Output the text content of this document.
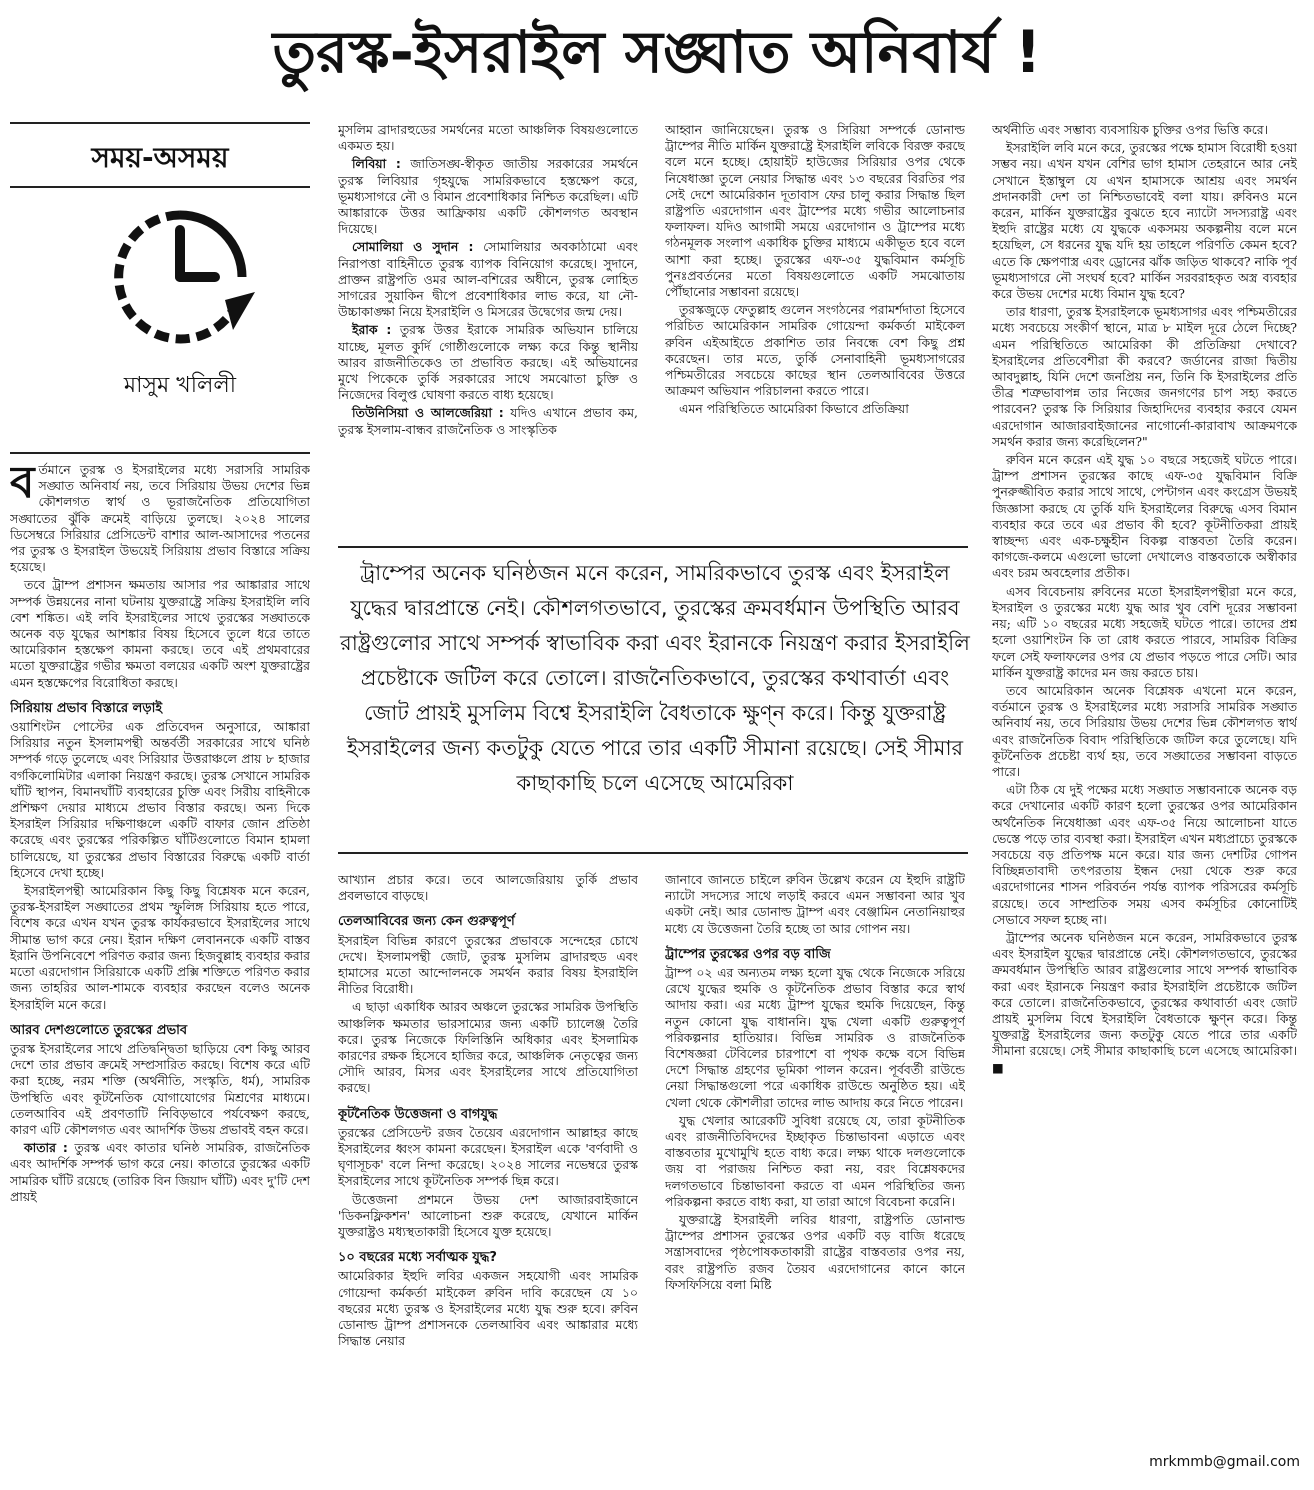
তুরস্ক-ইসরাইল সঙ্ঘাত অনিবার্য !
সময়-অসময়
মাসুম খলিলী

বর্তমানে তুরস্ক ও ইসরাইলের মধ্যে সরাসরি সামরিক সঙ্ঘাত অনিবার্য নয়, তবে সিরিয়ায় উভয় দেশের ভিন্ন কৌশলগত স্বার্থ ও ভূরাজনৈতিক প্রতিযোগিতা সঙ্ঘাতের ঝুঁকি ক্রমেই বাড়িয়ে তুলছে। ২০২৪ সালের ডিসেম্বরে সিরিয়ার প্রেসিডেন্ট বাশার আল-আসাদের পতনের পর তুরস্ক ও ইসরাইল উভয়েই সিরিয়ায় প্রভাব বিস্তারে সক্রিয় হয়েছে।

তবে ট্রাম্প প্রশাসন ক্ষমতায় আসার পর আঙ্কারার সাথে সম্পর্ক উন্নয়নের নানা ঘটনায় যুক্তরাষ্ট্রে সক্রিয় ইসরাইলি লবি বেশ শঙ্কিত। এই লবি ইসরাইলের সাথে তুরস্কের সঙ্ঘাতকে অনেক বড় যুদ্ধের আশঙ্কার বিষয় হিসেবে তুলে ধরে তাতে আমেরিকান হস্তক্ষেপ কামনা করছে। তবে এই প্রথমবারের মতো যুক্তরাষ্ট্রের গভীর ক্ষমতা বলয়ের একটি অংশ যুক্তরাষ্ট্রের এমন হস্তক্ষেপের বিরোধিতা করছে।

সিরিয়ায় প্রভাব বিস্তারে লড়াই

ওয়াশিংটন পোস্টের এক প্রতিবেদন অনুসারে, আঙ্কারা সিরিয়ার নতুন ইসলামপন্থী অন্তর্বর্তী সরকারের সাথে ঘনিষ্ঠ সম্পর্ক গড়ে তুলেছে এবং সিরিয়ার উত্তরাঞ্চলে প্রায় ৮ হাজার বর্গকিলোমিটার এলাকা নিয়ন্ত্রণ করছে। তুরস্ক সেখানে সামরিক ঘাঁটি স্থাপন, বিমানঘাঁটি ব্যবহারের চুক্তি এবং সিরীয় বাহিনীকে প্রশিক্ষণ দেয়ার মাধ্যমে প্রভাব বিস্তার করছে। অন্য দিকে ইসরাইল সিরিয়ার দক্ষিণাঞ্চলে একটি বাফার জোন প্রতিষ্ঠা করেছে এবং তুরস্কের পরিকল্পিত ঘাঁটিগুলোতে বিমান হামলা চালিয়েছে, যা তুরস্কের প্রভাব বিস্তারের বিরুদ্ধে একটি বার্তা হিসেবে দেখা হচ্ছে।

ইসরাইলপন্থী আমেরিকান কিছু কিছু বিশ্লেষক মনে করেন, তুরস্ক-ইসরাইল সঙ্ঘাতের প্রথম স্ফুলিঙ্গ সিরিয়ায় হতে পারে, বিশেষ করে এখন যখন তুরস্ক কার্যকরভাবে ইসরাইলের সাথে সীমান্ত ভাগ করে নেয়। ইরান দক্ষিণ লেবাননকে একটি বাস্তব ইরানি উপনিবেশে পরিণত করার জন্য হিজবুল্লাহ ব্যবহার করার মতো এরদোগান সিরিয়াকে একটি প্রক্সি শক্তিতে পরিণত করার জন্য তাহরির আল-শামকে ব্যবহার করছেন বলেও অনেক ইসরাইলি মনে করে।

আরব দেশগুলোতে তুরস্কের প্রভাব

তুরস্ক ইসরাইলের সাথে প্রতিদ্বন্দ্বিতা ছাড়িয়ে বেশ কিছু আরব দেশে তার প্রভাব ক্রমেই সম্প্রসারিত করছে। বিশেষ করে এটি করা হচ্ছে, নরম শক্তি (অর্থনীতি, সংস্কৃতি, ধর্ম), সামরিক উপস্থিতি এবং কূটনৈতিক যোগাযোগের মিশ্রণের মাধ্যমে। তেলআবিব এই প্রবণতাটি নিবিড়ভাবে পর্যবেক্ষণ করছে, কারণ এটি কৌশলগত এবং আদর্শিক উভয় প্রভাবই বহন করে।

কাতার : তুরস্ক এবং কাতার ঘনিষ্ঠ সামরিক, রাজনৈতিক এবং আদর্শিক সম্পর্ক ভাগ করে নেয়। কাতারে তুরস্কের একটি সামরিক ঘাঁটি রয়েছে (তারিক বিন জিয়াদ ঘাঁটি) এবং দু'টি দেশ প্রায়ই

মুসলিম ব্রাদারহুডের সমর্থনের মতো আঞ্চলিক বিষয়গুলোতে একমত হয়।

লিবিয়া : জাতিসঙ্ঘ-স্বীকৃত জাতীয় সরকারের সমর্থনে তুরস্ক লিবিয়ার গৃহযুদ্ধে সামরিকভাবে হস্তক্ষেপ করে, ভূমধ্যসাগরে নৌ ও বিমান প্রবেশাধিকার নিশ্চিত করেছিল। এটি আঙ্কারাকে উত্তর আফ্রিকায় একটি কৌশলগত অবস্থান দিয়েছে।

সোমালিয়া ও সুদান : সোমালিয়ার অবকাঠামো এবং নিরাপত্তা বাহিনীতে তুরস্ক ব্যাপক বিনিয়োগ করেছে। সুদানে, প্রাক্তন রাষ্ট্রপতি ওমর আল-বশিরের অধীনে, তুরস্ক লোহিত সাগরের সুয়াকিন দ্বীপে প্রবেশাধিকার লাভ করে, যা নৌ-উচ্চাকাঙ্ক্ষা নিয়ে ইসরাইলি ও মিসরের উদ্বেগের জন্ম দেয়।

ইরাক : তুরস্ক উত্তর ইরাকে সামরিক অভিযান চালিয়ে যাচ্ছে, মূলত কুর্দি গোষ্ঠীগুলোকে লক্ষ্য করে কিন্তু স্থানীয় আরব রাজনীতিকেও তা প্রভাবিত করছে। এই অভিযানের মুখে পিকেকে তুর্কি সরকারের সাথে সমঝোতা চুক্তি ও নিজেদের বিলুপ্ত ঘোষণা করতে বাধ্য হয়েছে।

তিউনিসিয়া ও আলজেরিয়া : যদিও এখানে প্রভাব কম, তুরস্ক ইসলাম-বান্ধব রাজনৈতিক ও সাংস্কৃতিক

আহ্বান জানিয়েছেন। তুরস্ক ও সিরিয়া সম্পর্কে ডোনাল্ড ট্রাম্পের নীতি মার্কিন যুক্তরাষ্ট্রে ইসরাইলি লবিকে বিরক্ত করছে বলে মনে হচ্ছে। হোয়াইট হাউজের সিরিয়ার ওপর থেকে নিষেধাজ্ঞা তুলে নেয়ার সিদ্ধান্ত এবং ১৩ বছরের বিরতির পর সেই দেশে আমেরিকান দূতাবাস ফের চালু করার সিদ্ধান্ত ছিল রাষ্ট্রপতি এরদোগান এবং ট্রাম্পের মধ্যে গভীর আলোচনার ফলাফল। যদিও আগামী সময়ে এরদোগান ও ট্রাম্পের মধ্যে গঠনমূলক সংলাপ একাধিক চুক্তির মাধ্যমে একীভূত হবে বলে আশা করা হচ্ছে। তুরস্কের এফ-৩৫ যুদ্ধবিমান কর্মসূচি পুনঃপ্রবর্তনের মতো বিষয়গুলোতে একটি সমঝোতায় পৌঁছানোর সম্ভাবনা রয়েছে।

তুরস্কজুড়ে ফেতুল্লাহ গুলেন সংগঠনের পরামর্শদাতা হিসেবে পরিচিত আমেরিকান সামরিক গোয়েন্দা কর্মকর্তা মাইকেল রুবিন এইআইতে প্রকাশিত তার নিবন্ধে বেশ কিছু প্রশ্ন করেছেন। তার মতে, তুর্কি সেনাবাহিনী ভূমধ্যসাগরের পশ্চিমতীরের সবচেয়ে কাছের স্থান তেলআবিবের উত্তরে আক্রমণ অভিযান পরিচালনা করতে পারে।

এমন পরিস্থিতিতে আমেরিকা কিভাবে প্রতিক্রিয়া

ট্রাম্পের অনেক ঘনিষ্ঠজন মনে করেন, সামরিকভাবে তুরস্ক এবং ইসরাইল যুদ্ধের দ্বারপ্রান্তে নেই। কৌশলগতভাবে, তুরস্কের ক্রমবর্ধমান উপস্থিতি আরব রাষ্ট্রগুলোর সাথে সম্পর্ক স্বাভাবিক করা এবং ইরানকে নিয়ন্ত্রণ করার ইসরাইলি প্রচেষ্টাকে জটিল করে তোলে। রাজনৈতিকভাবে, তুরস্কের কথাবার্তা এবং জোট প্রায়ই মুসলিম বিশ্বে ইসরাইলি বৈধতাকে ক্ষুণ্ন করে। কিন্তু যুক্তরাষ্ট্র ইসরাইলের জন্য কতটুকু যেতে পারে তার একটি সীমানা রয়েছে। সেই সীমার কাছাকাছি চলে এসেছে আমেরিকা

আখ্যান প্রচার করে। তবে আলজেরিয়ায় তুর্কি প্রভাব প্রবলভাবে বাড়ছে।

তেলআবিবের জন্য কেন গুরুত্বপূর্ণ

ইসরাইল বিভিন্ন কারণে তুরস্কের প্রভাবকে সন্দেহের চোখে দেখে। ইসলামপন্থী জোট, তুরস্ক মুসলিম ব্রাদারহুড এবং হামাসের মতো আন্দোলনকে সমর্থন করার বিষয় ইসরাইলি নীতির বিরোধী।

এ ছাড়া একাধিক আরব অঞ্চলে তুরস্কের সামরিক উপস্থিতি আঞ্চলিক ক্ষমতার ভারসাম্যের জন্য একটি চ্যালেঞ্জ তৈরি করে। তুরস্ক নিজেকে ফিলিস্তিনি অধিকার এবং ইসলামিক কারণের রক্ষক হিসেবে হাজির করে, আঞ্চলিক নেতৃত্বের জন্য সৌদি আরব, মিসর এবং ইসরাইলের সাথে প্রতিযোগিতা করছে।

কূটনৈতিক উত্তেজনা ও বাগযুদ্ধ

তুরস্কের প্রেসিডেন্ট রজব তৈয়েব এরদোগান আল্লাহর কাছে ইসরাইলের ধ্বংস কামনা করেছেন। ইসরাইল একে 'বর্ণবাদী ও ঘৃণাসূচক' বলে নিন্দা করেছে। ২০২৪ সালের নভেম্বরে তুরস্ক ইসরাইলের সাথে কূটনৈতিক সম্পর্ক ছিন্ন করে।

উত্তেজনা প্রশমনে উভয় দেশ আজারবাইজানে 'ডিকনফ্লিকশন' আলোচনা শুরু করেছে, যেখানে মার্কিন যুক্তরাষ্ট্রও মধ্যস্থতাকারী হিসেবে যুক্ত হয়েছে।

১০ বছরের মধ্যে সর্বাত্মক যুদ্ধ?

আমেরিকার ইহুদি লবির একজন সহযোগী এবং সামরিক গোয়েন্দা কর্মকর্তা মাইকেল রুবিন দাবি করেছেন যে ১০ বছরের মধ্যে তুরস্ক ও ইসরাইলের মধ্যে যুদ্ধ শুরু হবে। রুবিন ডোনাল্ড ট্রাম্প প্রশাসনকে তেলআবিব এবং আঙ্কারার মধ্যে সিদ্ধান্ত নেয়ার

জানাবে জানতে চাইলে রুবিন উল্লেখ করেন যে ইহুদি রাষ্ট্রটি ন্যাটো সদস্যের সাথে লড়াই করবে এমন সম্ভাবনা আর খুব একটা নেই। আর ডোনাল্ড ট্রাম্প এবং বেঞ্জামিন নেতানিয়াহুর মধ্যে যে উত্তেজনা তৈরি হচ্ছে তা আর গোপন নয়।

ট্রাম্পের তুরস্কের ওপর বড় বাজি

ট্রাম্প ০২ এর অন্যতম লক্ষ্য হলো যুদ্ধ থেকে নিজেকে সরিয়ে রেখে যুদ্ধের হুমকি ও কূটনৈতিক প্রভাব বিস্তার করে স্বার্থ আদায় করা। এর মধ্যে ট্রাম্প যুদ্ধের হুমকি দিয়েছেন, কিন্তু নতুন কোনো যুদ্ধ বাধাননি। যুদ্ধ খেলা একটি গুরুত্বপূর্ণ পরিকল্পনার হাতিয়ার। বিভিন্ন সামরিক ও রাজনৈতিক বিশেষজ্ঞরা টেবিলের চারপাশে বা পৃথক কক্ষে বসে বিভিন্ন দেশে সিদ্ধান্ত গ্রহণের ভূমিকা পালন করেন। পূর্ববর্তী রাউন্ডে নেয়া সিদ্ধান্তগুলো পরে একাধিক রাউন্ডে অনুষ্ঠিত হয়। এই খেলা থেকে কৌশলীরা তাদের লাভ আদায় করে নিতে পারেন।

যুদ্ধ খেলার আরেকটি সুবিধা রয়েছে যে, তারা কূটনীতিক এবং রাজনীতিবিদদের ইচ্ছাকৃত চিন্তাভাবনা এড়াতে এবং বাস্তবতার মুখোমুখি হতে বাধ্য করে। লক্ষ্য থাকে দলগুলোকে জয় বা পরাজয় নিশ্চিত করা নয়, বরং বিশ্লেষকদের দলগতভাবে চিন্তাভাবনা করতে বা এমন পরিস্থিতির জন্য পরিকল্পনা করতে বাধ্য করা, যা তারা আগে বিবেচনা করেনি।

যুক্তরাষ্ট্রে ইসরাইলী লবির ধারণা, রাষ্ট্রপতি ডোনাল্ড ট্রাম্পের প্রশাসন তুরস্কের ওপর একটি বড় বাজি ধরেছে সন্ত্রাসবাদের পৃষ্ঠপোষকতাকারী রাষ্ট্রের বাস্তবতার ওপর নয়, বরং রাষ্ট্রপতি রজব তৈয়ব এরদোগানের কানে কানে ফিসফিসিয়ে বলা মিষ্টি

অর্থনীতি এবং সম্ভাব্য ব্যবসায়িক চুক্তির ওপর ভিত্তি করে।

ইসরাইলি লবি মনে করে, তুরস্কের পক্ষে হামাস বিরোধী হওয়া সম্ভব নয়। এখন যখন বেশির ভাগ হামাস তেহরানে আর নেই সেখানে ইস্তাম্বুল যে এখন হামাসকে আশ্রয় এবং সমর্থন প্রদানকারী দেশ তা নিশ্চিতভাবেই বলা যায়। রুবিনও মনে করেন, মার্কিন যুক্তরাষ্ট্রের বুঝতে হবে ন্যাটো সদস্যরাষ্ট্র এবং ইহুদি রাষ্ট্রের মধ্যে যে যুদ্ধকে একসময় অকল্পনীয় বলে মনে হয়েছিল, সে ধরনের যুদ্ধ যদি হয় তাহলে পরিণতি কেমন হবে? এতে কি ক্ষেপণাস্ত্র এবং ড্রোনের ঝাঁক জড়িত থাকবে? নাকি পূর্ব ভূমধ্যসাগরে নৌ সংঘর্ষ হবে? মার্কিন সরবরাহকৃত অস্ত্র ব্যবহার করে উভয় দেশের মধ্যে বিমান যুদ্ধ হবে?

তার ধারণা, তুরস্ক ইসরাইলকে ভূমধ্যসাগর এবং পশ্চিমতীরের মধ্যে সবচেয়ে সংকীর্ণ স্থানে, মাত্র ৮ মাইল দূরে ঠেলে দিচ্ছে? এমন পরিস্থিতিতে আমেরিকা কী প্রতিক্রিয়া দেখাবে? ইসরাইলের প্রতিবেশীরা কী করবে? জর্ডানের রাজা দ্বিতীয় আবদুল্লাহ, যিনি দেশে জনপ্রিয় নন, তিনি কি ইসরাইলের প্রতি তীব্র শত্রুভাবাপন্ন তার নিজের জনগণের চাপ সহ্য করতে পারবেন? তুরস্ক কি সিরিয়ার জিহাদিদের ব্যবহার করবে যেমন এরদোগান আজারবাইজানের নাগোর্নো-কারাবাখ আক্রমণকে সমর্থন করার জন্য করেছিলেন?"

রুবিন মনে করেন এই যুদ্ধ ১০ বছরে সহজেই ঘটতে পারে। ট্রাম্প প্রশাসন তুরস্কের কাছে এফ-৩৫ যুদ্ধবিমান বিক্রি পুনরুজ্জীবিত করার সাথে সাথে, পেন্টাগন এবং কংগ্রেস উভয়ই জিজ্ঞাসা করছে যে তুর্কি যদি ইসরাইলের বিরুদ্ধে এসব বিমান ব্যবহার করে তবে এর প্রভাব কী হবে? কূটনীতিকরা প্রায়ই স্বাচ্ছন্দ্য এবং এক-চক্ষুহীন বিকল্প বাস্তবতা তৈরি করেন। কাগজে-কলমে এগুলো ভালো দেখালেও বাস্তবতাকে অস্বীকার এবং চরম অবহেলার প্রতীক।

এসব বিবেচনায় রুবিনের মতো ইসরাইলপন্থীরা মনে করে, ইসরাইল ও তুরস্কের মধ্যে যুদ্ধ আর খুব বেশি দূরের সম্ভাবনা নয়; এটি ১০ বছরের মধ্যে সহজেই ঘটতে পারে। তাদের প্রশ্ন হলো ওয়াশিংটন কি তা রোধ করতে পারবে, সামরিক বিক্রির ফলে সেই ফলাফলের ওপর যে প্রভাব পড়তে পারে সেটি। আর মার্কিন যুক্তরাষ্ট্র কাদের মন জয় করতে চায়।

তবে আমেরিকান অনেক বিশ্লেষক এখনো মনে করেন, বর্তমানে তুরস্ক ও ইসরাইলের মধ্যে সরাসরি সামরিক সঙ্ঘাত অনিবার্য নয়, তবে সিরিয়ায় উভয় দেশের ভিন্ন কৌশলগত স্বার্থ এবং রাজনৈতিক বিবাদ পরিস্থিতিকে জটিল করে তুলেছে। যদি কূটনৈতিক প্রচেষ্টা ব্যর্থ হয়, তবে সঙ্ঘাতের সম্ভাবনা বাড়তে পারে।

এটা ঠিক যে দুই পক্ষের মধ্যে সঙ্ঘাত সম্ভাবনাকে অনেক বড় করে দেখানোর একটি কারণ হলো তুরস্কের ওপর আমেরিকান অর্থনৈতিক নিষেধাজ্ঞা এবং এফ-৩৫ নিয়ে আলোচনা যাতে ভেস্তে পড়ে তার ব্যবস্থা করা। ইসরাইল এখন মধ্যপ্রাচ্যে তুরস্ককে সবচেয়ে বড় প্রতিপক্ষ মনে করে। যার জন্য দেশটির গোপন বিচ্ছিন্নতাবাদী তৎপরতায় ইন্ধন দেয়া থেকে শুরু করে এরদোগানের শাসন পরিবর্তন পর্যন্ত ব্যাপক পরিসরের কর্মসূচি রয়েছে। তবে সাম্প্রতিক সময় এসব কর্মসূচির কোনোটিই সেভাবে সফল হচ্ছে না।

ট্রাম্পের অনেক ঘনিষ্ঠজন মনে করেন, সামরিকভাবে তুরস্ক এবং ইসরাইল যুদ্ধের দ্বারপ্রান্তে নেই। কৌশলগতভাবে, তুরস্কের ক্রমবর্ধমান উপস্থিতি আরব রাষ্ট্রগুলোর সাথে সম্পর্ক স্বাভাবিক করা এবং ইরানকে নিয়ন্ত্রণ করার ইসরাইলি প্রচেষ্টাকে জটিল করে তোলে। রাজনৈতিকভাবে, তুরস্কের কথাবার্তা এবং জোট প্রায়ই মুসলিম বিশ্বে ইসরাইলি বৈধতাকে ক্ষুণ্ন করে। কিন্তু যুক্তরাষ্ট্র ইসরাইলের জন্য কতটুকু যেতে পারে তার একটি সীমানা রয়েছে। সেই সীমার কাছাকাছি চলে এসেছে আমেরিকা। ■

mrkmmb@gmail.com
